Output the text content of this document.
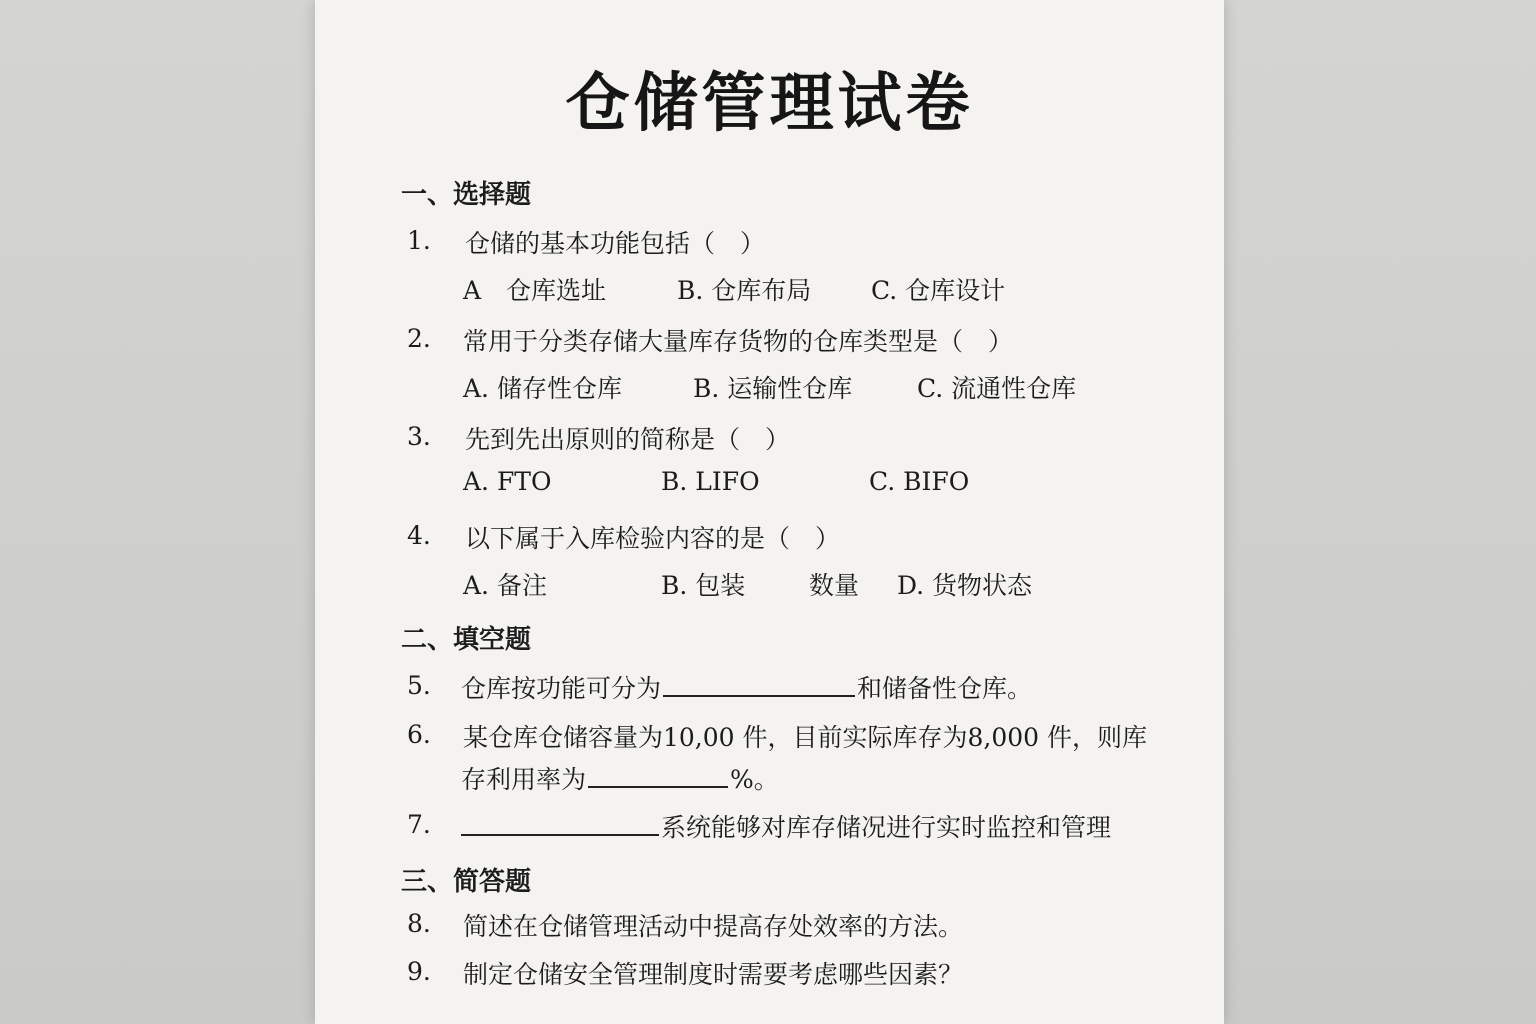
仓储管理试卷
一、选择题
1. 仓储的基本功能包括（　）
A　仓库选址	B. 仓库布局 C. 仓库设计
2. 常用于分类存储大量库存货物的仓库类型是（　）
A. 储存性仓库	B. 运输性仓库	C. 流通性仓库
3. 先到先出原则的简称是（　）
A. FTO	B. LIFO	C. BIFO
4. 以下属于入库检验内容的是（　）
A. 备注	B. 包装	数量 D. 货物状态
二、填空题
5. 仓库按功能可分为	和储备性仓库。
6. 某仓库仓储容量为10,00 件，目前实际库存为8,000 件，则库
存利用率为	%。
7.	系统能够对库存储况进行实时监控和管理
三、简答题
8. 简述在仓储管理活动中提高存处效率的方法。
9. 制定仓储安全管理制度时需要考虑哪些因素？
